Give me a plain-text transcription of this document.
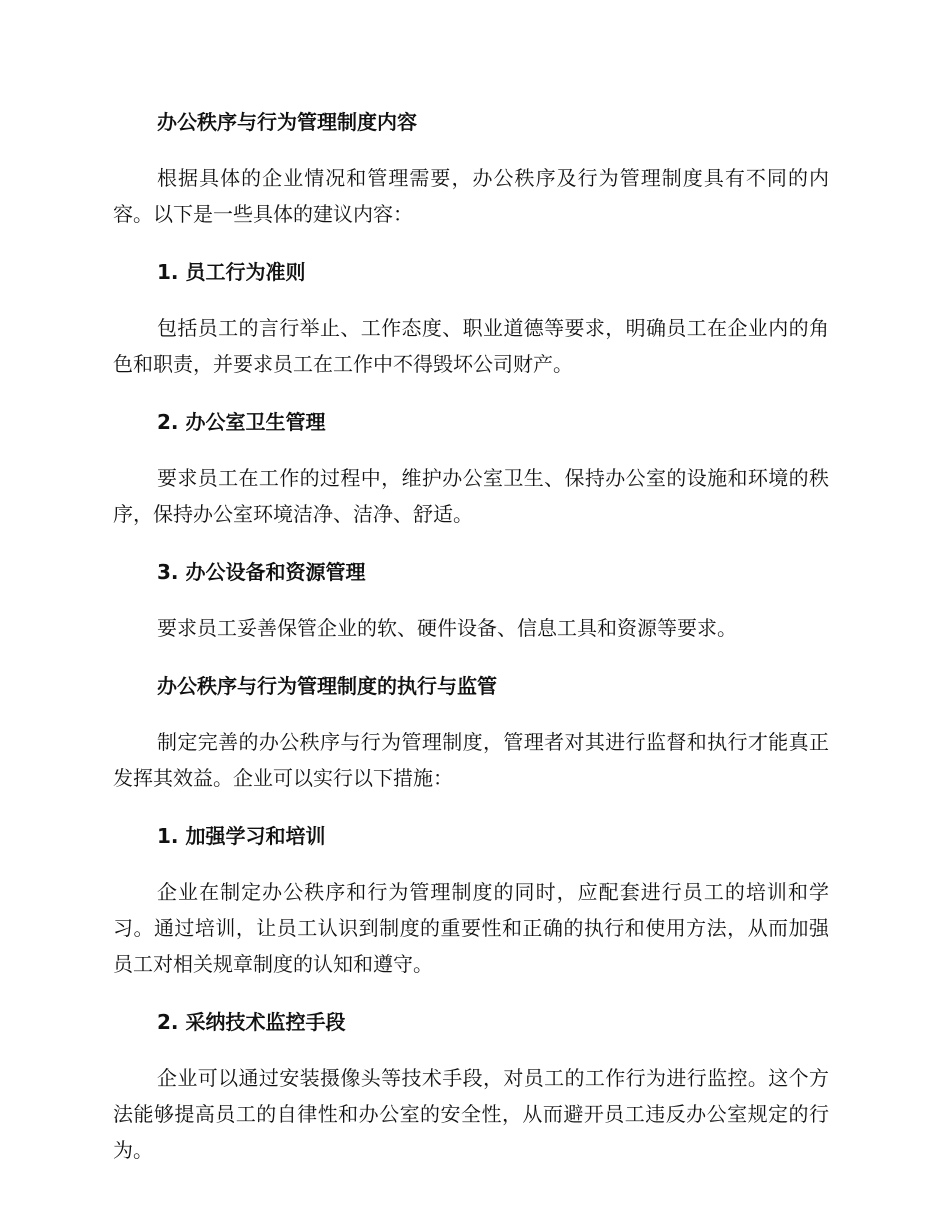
办公秩序与行为管理制度内容

根据具体的企业情况和管理需要，办公秩序及行为管理制度具有不同的内容。以下是一些具体的建议内容：

1. 员工行为准则

包括员工的言行举止、工作态度、职业道德等要求，明确员工在企业内的角色和职责，并要求员工在工作中不得毁坏公司财产。

2. 办公室卫生管理

要求员工在工作的过程中，维护办公室卫生、保持办公室的设施和环境的秩序，保持办公室环境洁净、洁净、舒适。

3. 办公设备和资源管理

要求员工妥善保管企业的软、硬件设备、信息工具和资源等要求。

办公秩序与行为管理制度的执行与监管

制定完善的办公秩序与行为管理制度，管理者对其进行监督和执行才能真正发挥其效益。企业可以实行以下措施：

1. 加强学习和培训

企业在制定办公秩序和行为管理制度的同时，应配套进行员工的培训和学习。通过培训，让员工认识到制度的重要性和正确的执行和使用方法，从而加强员工对相关规章制度的认知和遵守。

2. 采纳技术监控手段

企业可以通过安装摄像头等技术手段，对员工的工作行为进行监控。这个方法能够提高员工的自律性和办公室的安全性，从而避开员工违反办公室规定的行为。
